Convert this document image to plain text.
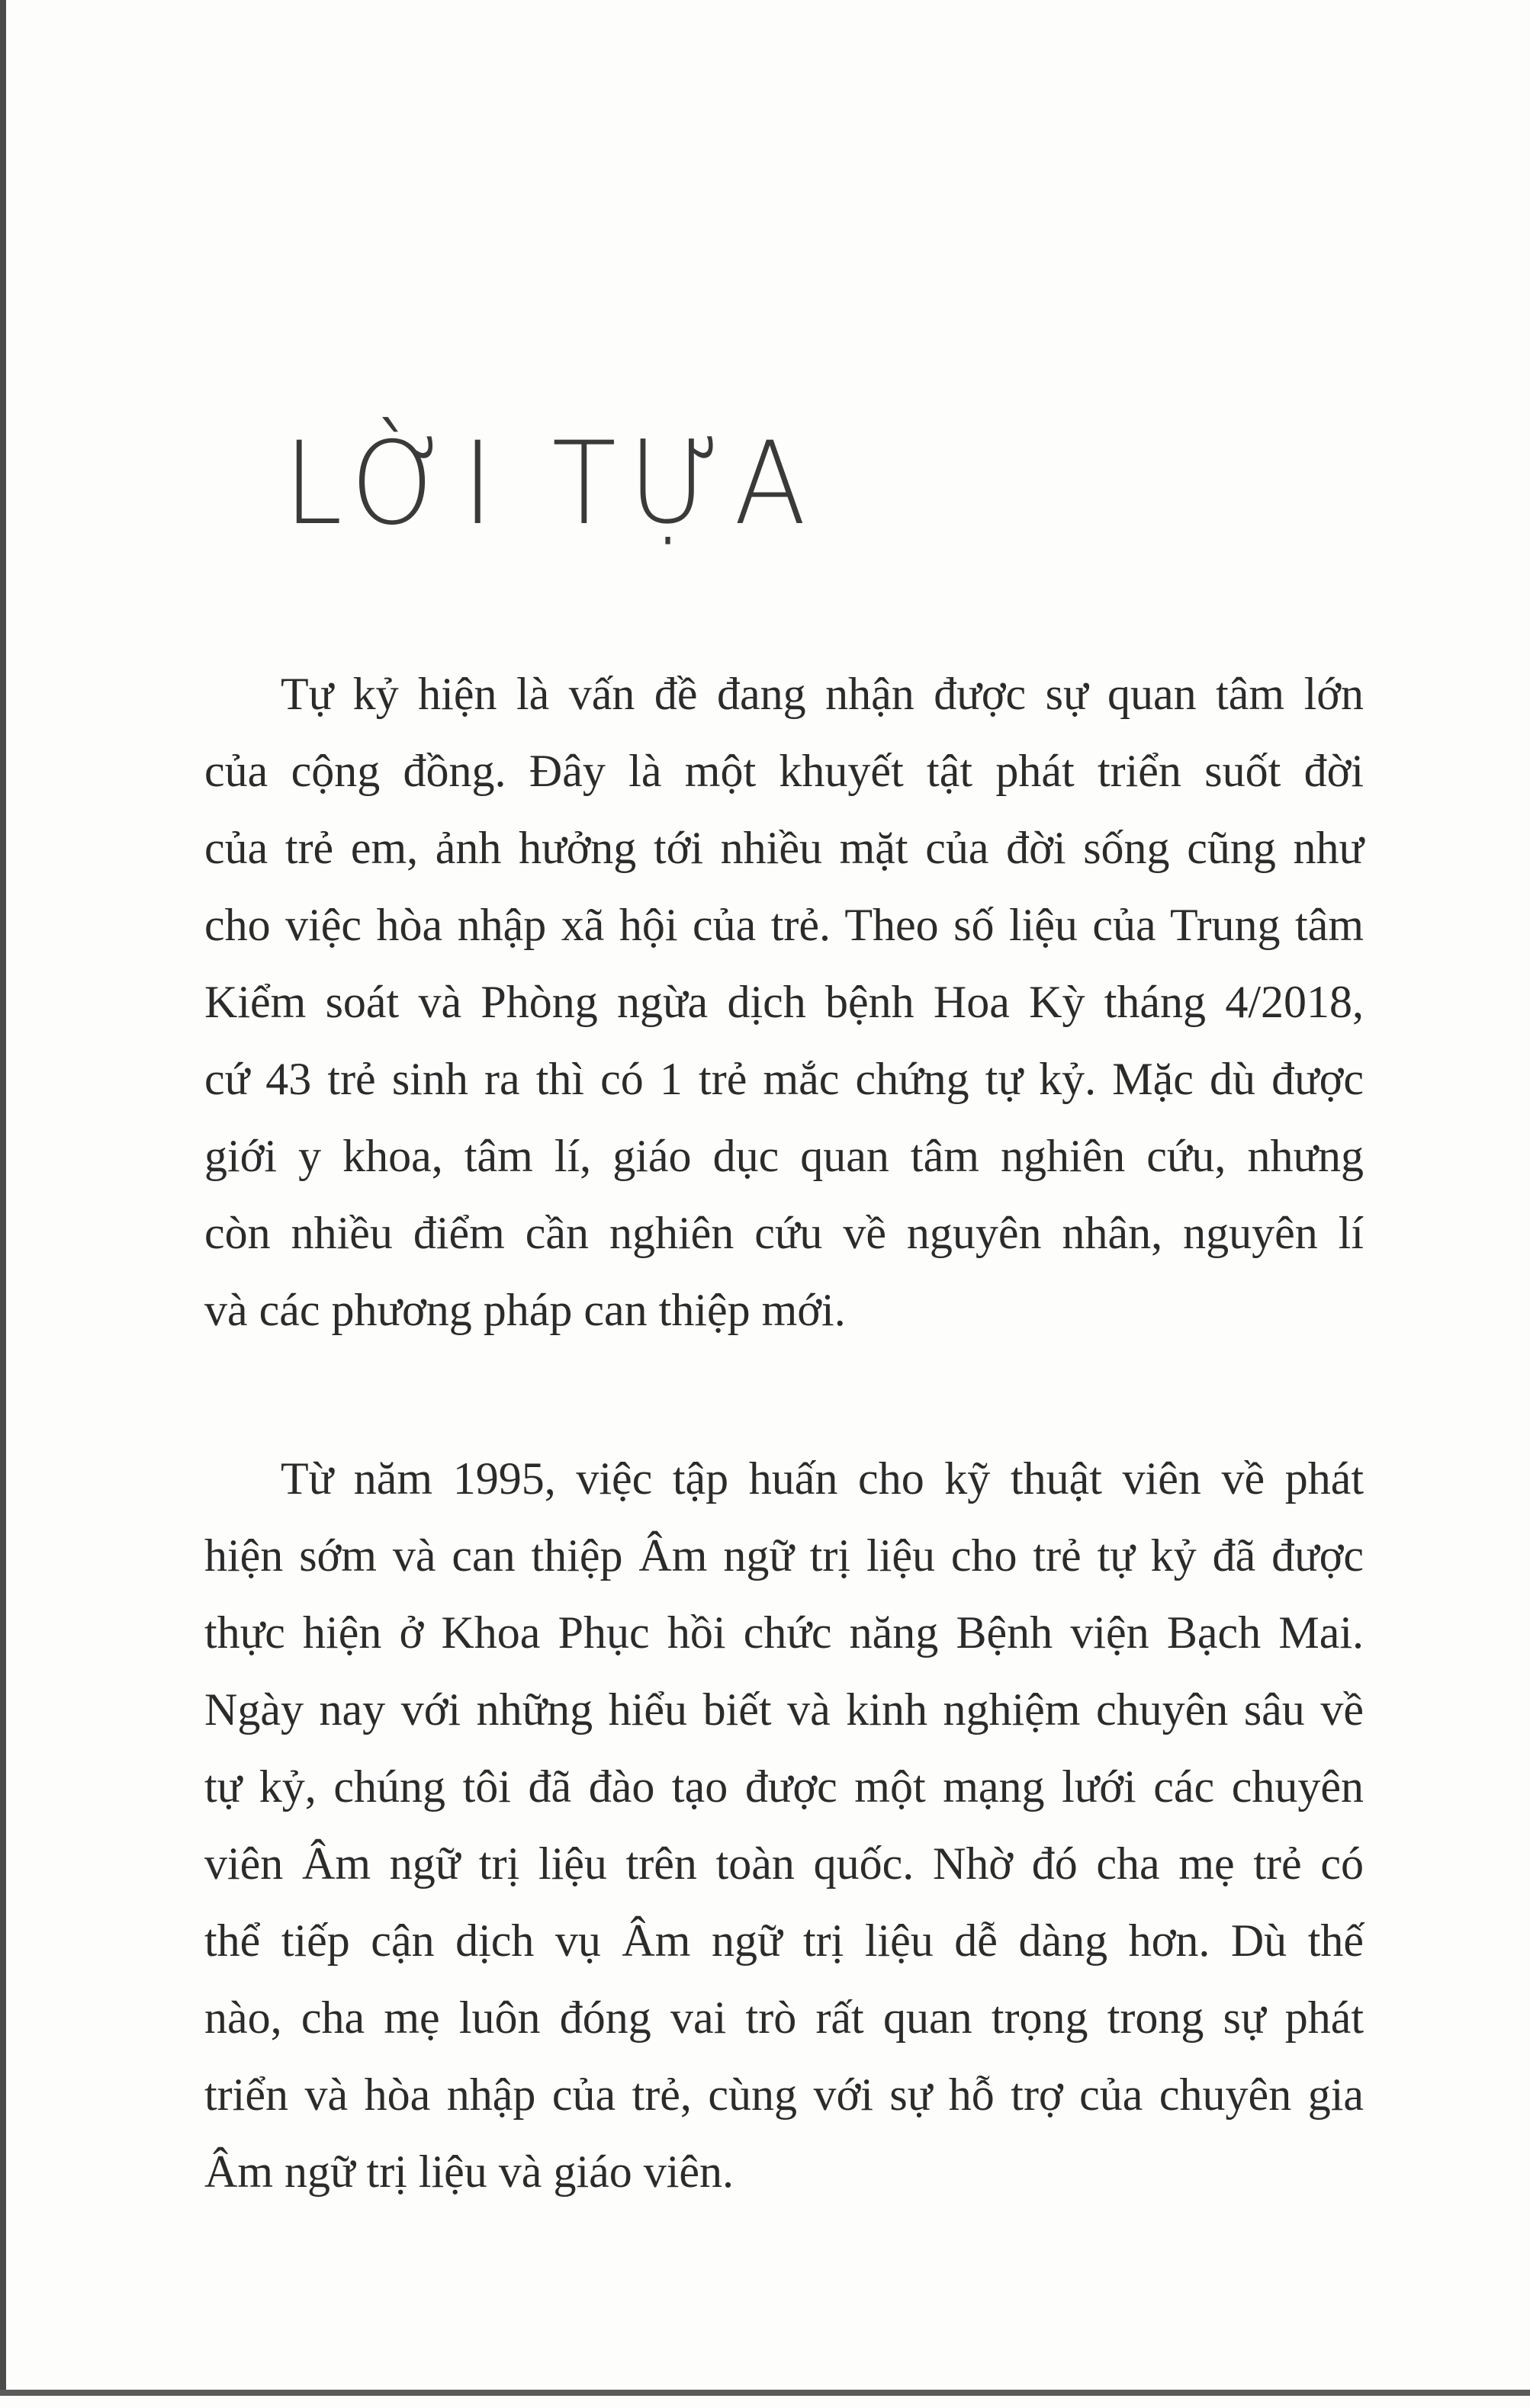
LỜI TỰA

Tự kỷ hiện là vấn đề đang nhận được sự quan tâm lớn
của cộng đồng. Đây là một khuyết tật phát triển suốt đời
của trẻ em, ảnh hưởng tới nhiều mặt của đời sống cũng như
cho việc hòa nhập xã hội của trẻ. Theo số liệu của Trung tâm
Kiểm soát và Phòng ngừa dịch bệnh Hoa Kỳ tháng 4/2018,
cứ 43 trẻ sinh ra thì có 1 trẻ mắc chứng tự kỷ. Mặc dù được
giới y khoa, tâm lí, giáo dục quan tâm nghiên cứu, nhưng
còn nhiều điểm cần nghiên cứu về nguyên nhân, nguyên lí
và các phương pháp can thiệp mới.

Từ năm 1995, việc tập huấn cho kỹ thuật viên về phát
hiện sớm và can thiệp Âm ngữ trị liệu cho trẻ tự kỷ đã được
thực hiện ở Khoa Phục hồi chức năng Bệnh viện Bạch Mai.
Ngày nay với những hiểu biết và kinh nghiệm chuyên sâu về
tự kỷ, chúng tôi đã đào tạo được một mạng lưới các chuyên
viên Âm ngữ trị liệu trên toàn quốc. Nhờ đó cha mẹ trẻ có
thể tiếp cận dịch vụ Âm ngữ trị liệu dễ dàng hơn. Dù thế
nào, cha mẹ luôn đóng vai trò rất quan trọng trong sự phát
triển và hòa nhập của trẻ, cùng với sự hỗ trợ của chuyên gia
Âm ngữ trị liệu và giáo viên.
